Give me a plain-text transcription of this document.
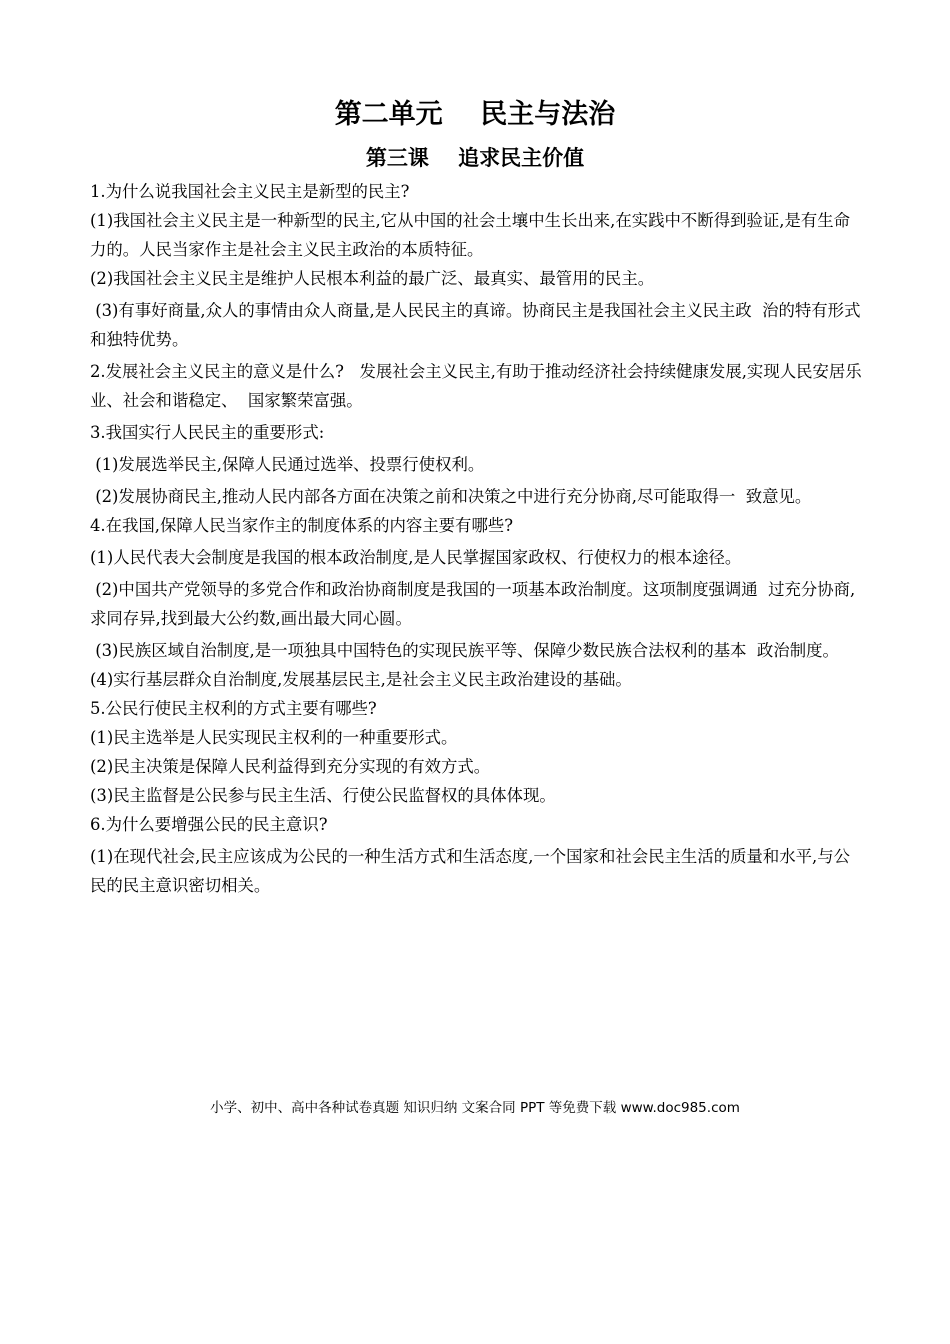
第二单元    民主与法治
第三课    追求民主价值

1.为什么说我国社会主义民主是新型的民主?

(1)我国社会主义民主是一种新型的民主,它从中国的社会土壤中生长出来,在实践中不断得到验证,是有生命力的。人民当家作主是社会主义民主政治的本质特征。

(2)我国社会主义民主是维护人民根本利益的最广泛、最真实、最管用的民主。

(3)有事好商量,众人的事情由众人商量,是人民民主的真谛。协商民主是我国社会主义民主政  治的特有形式和独特优势。

2.发展社会主义民主的意义是什么?   发展社会主义民主,有助于推动经济社会持续健康发展,实现人民安居乐业、社会和谐稳定、  国家繁荣富强。

3.我国实行人民民主的重要形式:

(1)发展选举民主,保障人民通过选举、投票行使权利。

(2)发展协商民主,推动人民内部各方面在决策之前和决策之中进行充分协商,尽可能取得一  致意见。

4.在我国,保障人民当家作主的制度体系的内容主要有哪些?

(1)人民代表大会制度是我国的根本政治制度,是人民掌握国家政权、行使权力的根本途径。

(2)中国共产党领导的多党合作和政治协商制度是我国的一项基本政治制度。这项制度强调通  过充分协商,求同存异,找到最大公约数,画出最大同心圆。

(3)民族区域自治制度,是一项独具中国特色的实现民族平等、保障少数民族合法权利的基本  政治制度。

(4)实行基层群众自治制度,发展基层民主,是社会主义民主政治建设的基础。

5.公民行使民主权利的方式主要有哪些?

(1)民主选举是人民实现民主权利的一种重要形式。

(2)民主决策是保障人民利益得到充分实现的有效方式。

(3)民主监督是公民参与民主生活、行使公民监督权的具体体现。

6.为什么要增强公民的民主意识?

(1)在现代社会,民主应该成为公民的一种生活方式和生活态度,一个国家和社会民主生活的质量和水平,与公民的民主意识密切相关。

小学、初中、高中各种试卷真题 知识归纳 文案合同 PPT 等免费下载 www.doc985.com
